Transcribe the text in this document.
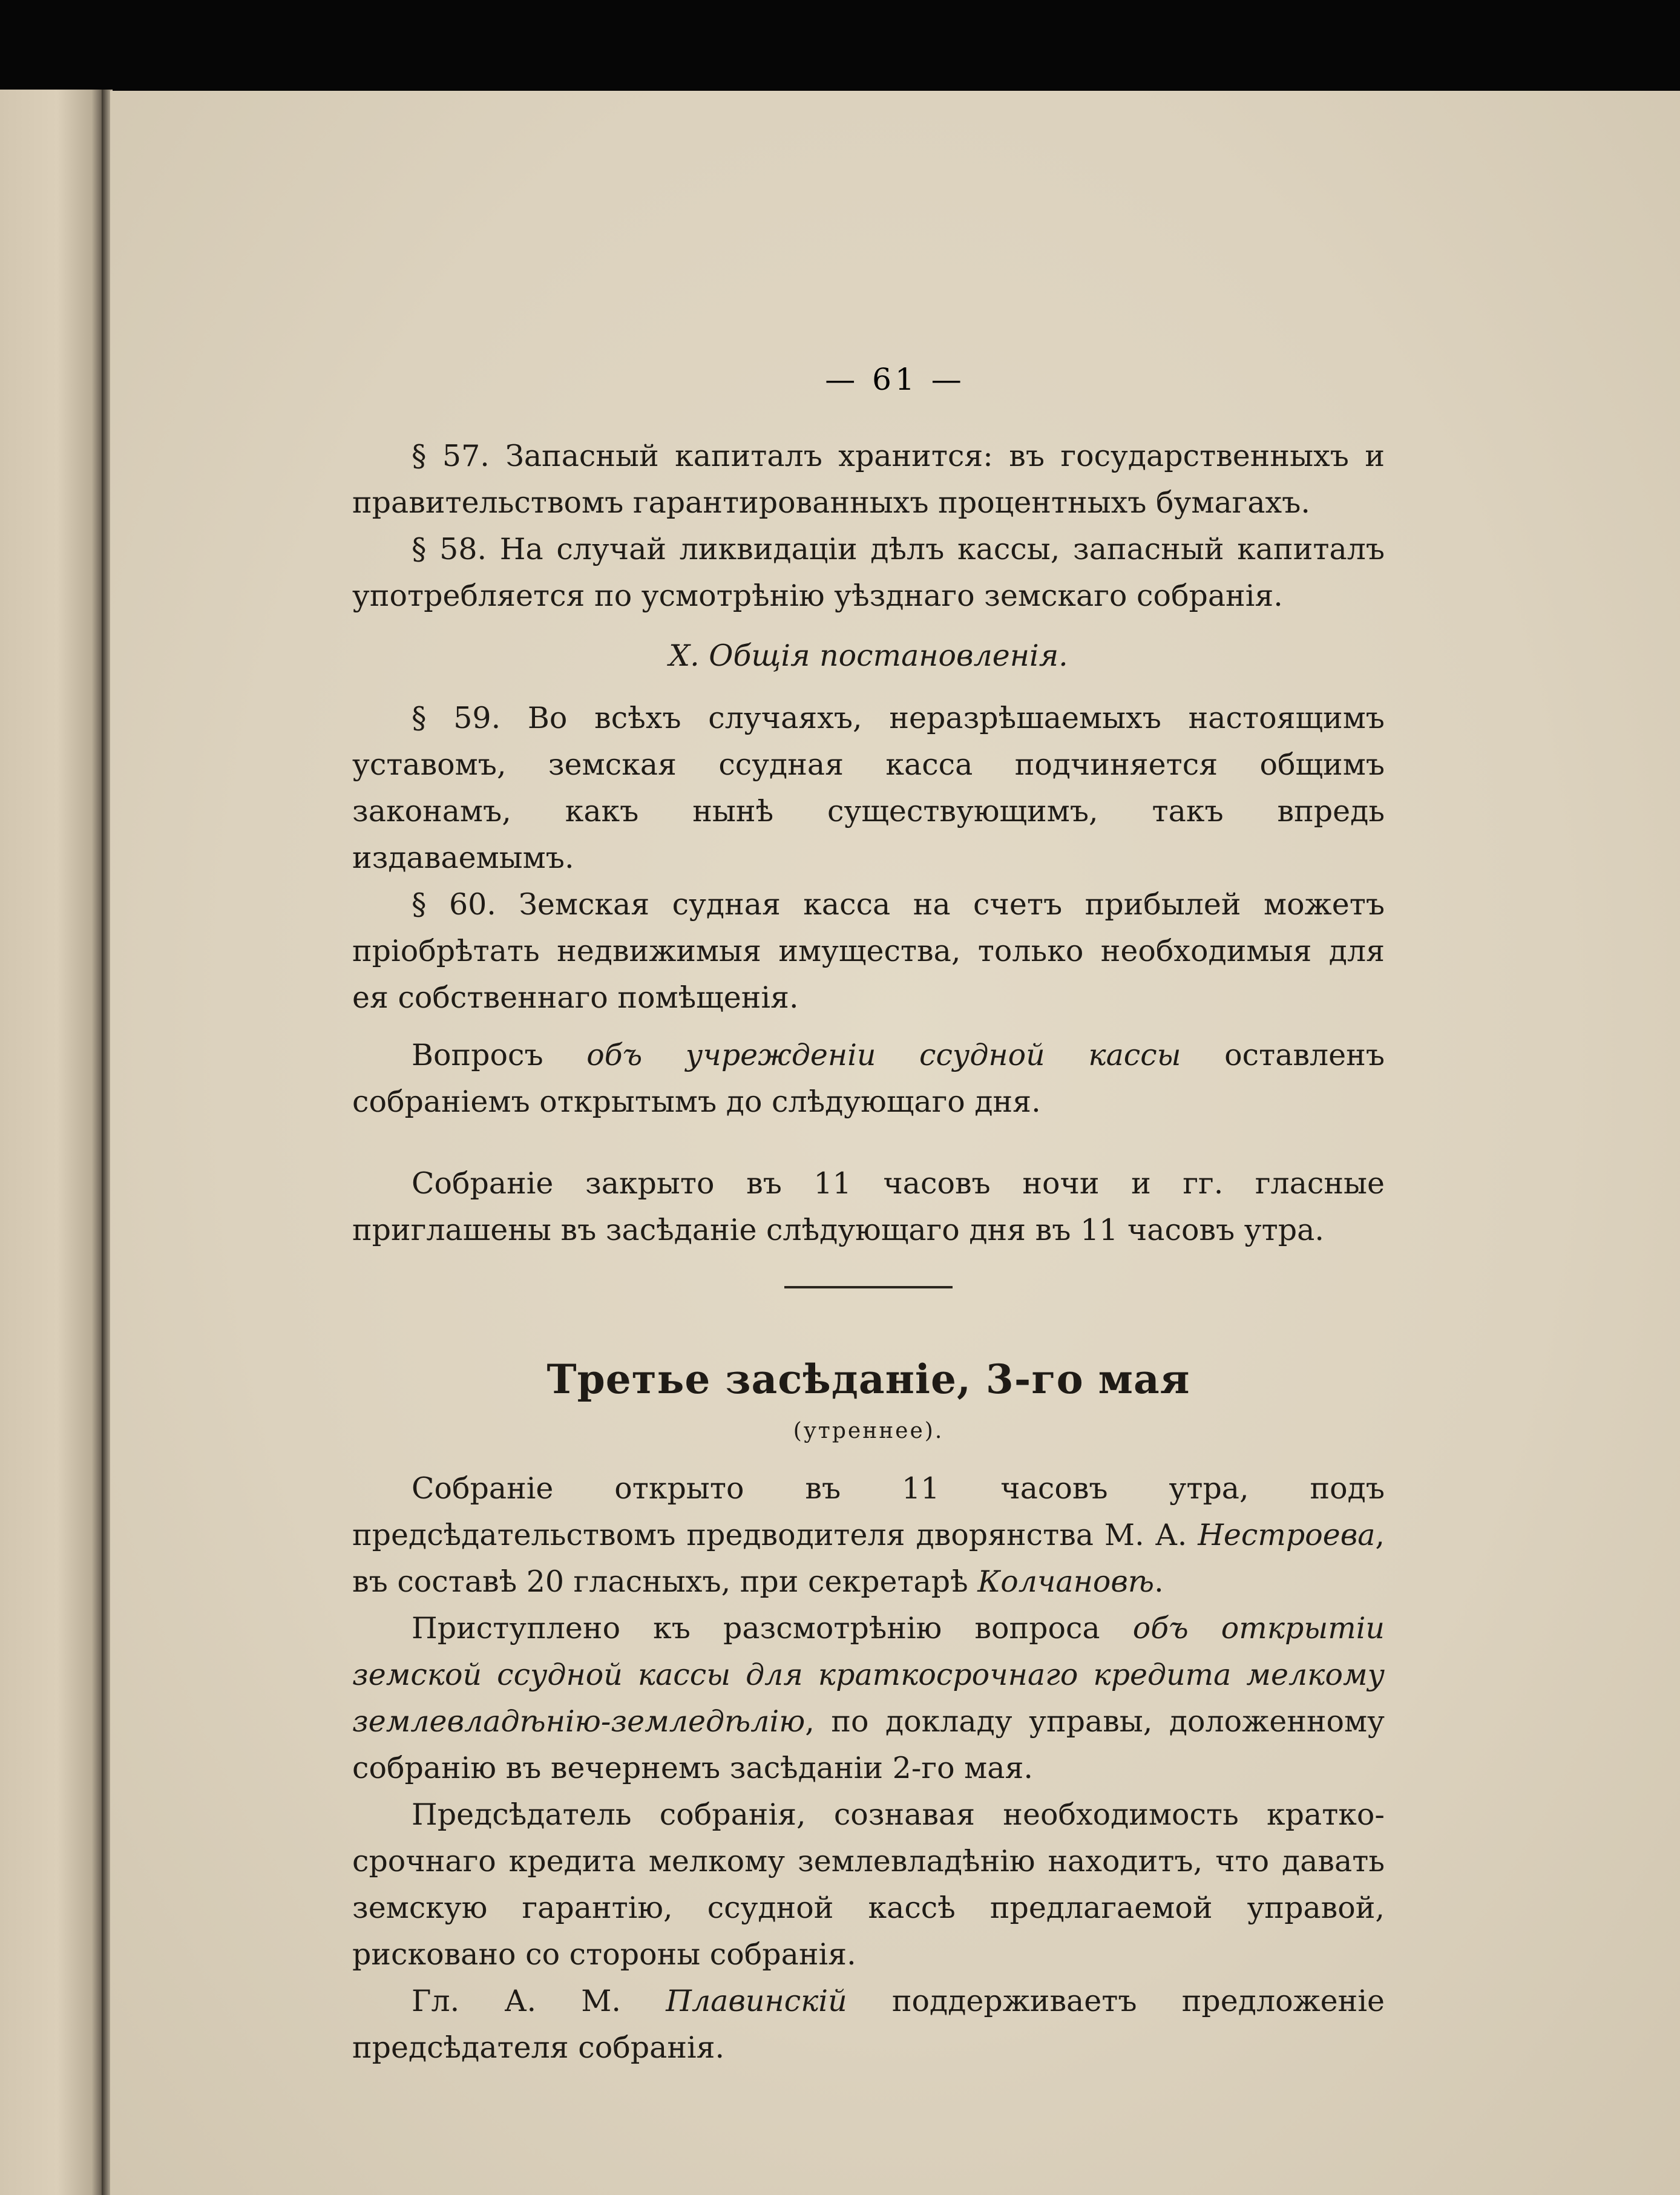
— 61 —

§ 57. Запасный капиталъ хранится: въ государственныхъ и правительствомъ гарантированныхъ процентныхъ бумагахъ.

§ 58. На случай ликвидаціи дѣлъ кассы, запасный капиталъ употребляется по усмотрѣнію уѣзднаго земскаго собранія.

X. Общія постановленія.

§ 59. Во всѣхъ случаяхъ, неразрѣшаемыхъ настоящимъ уставомъ, земская ссудная касса подчиняется общимъ законамъ, какъ нынѣ существующимъ, такъ впредь издаваемымъ.

§ 60. Земская судная касса на счетъ прибылей можетъ пріобрѣтать недвижимыя имущества, только необходимыя для ея собственнаго помѣщенія.

Вопросъ объ учрежденіи ссудной кассы оставленъ собраніемъ открытымъ до слѣдующаго дня.

Собраніе закрыто въ 11 часовъ ночи и гг. гласные приглашены въ засѣданіе слѣдующаго дня въ 11 часовъ утра.

Третье засѣданіе, 3-го мая
(утреннее).

Собраніе открыто въ 11 часовъ утра, подъ предсѣдательствомъ предводителя дворянства М. А. Нестроева, въ составѣ 20 гласныхъ, при секретарѣ Колчановѣ.

Приступлено къ разсмотрѣнію вопроса объ открытіи земской ссудной кассы для краткосрочнаго кредита мелкому землевладѣнію-земледѣлію, по докладу управы, доложенному собранію въ вечернемъ засѣданіи 2-го мая.

Предсѣдатель собранія, сознавая необходимость кратко-срочнаго кредита мелкому землевладѣнію находитъ, что давать земскую гарантію, ссудной кассѣ предлагаемой управой, рисковано со стороны собранія.

Гл. А. М. Плавинскій поддерживаетъ предложеніе предсѣдателя собранія.
